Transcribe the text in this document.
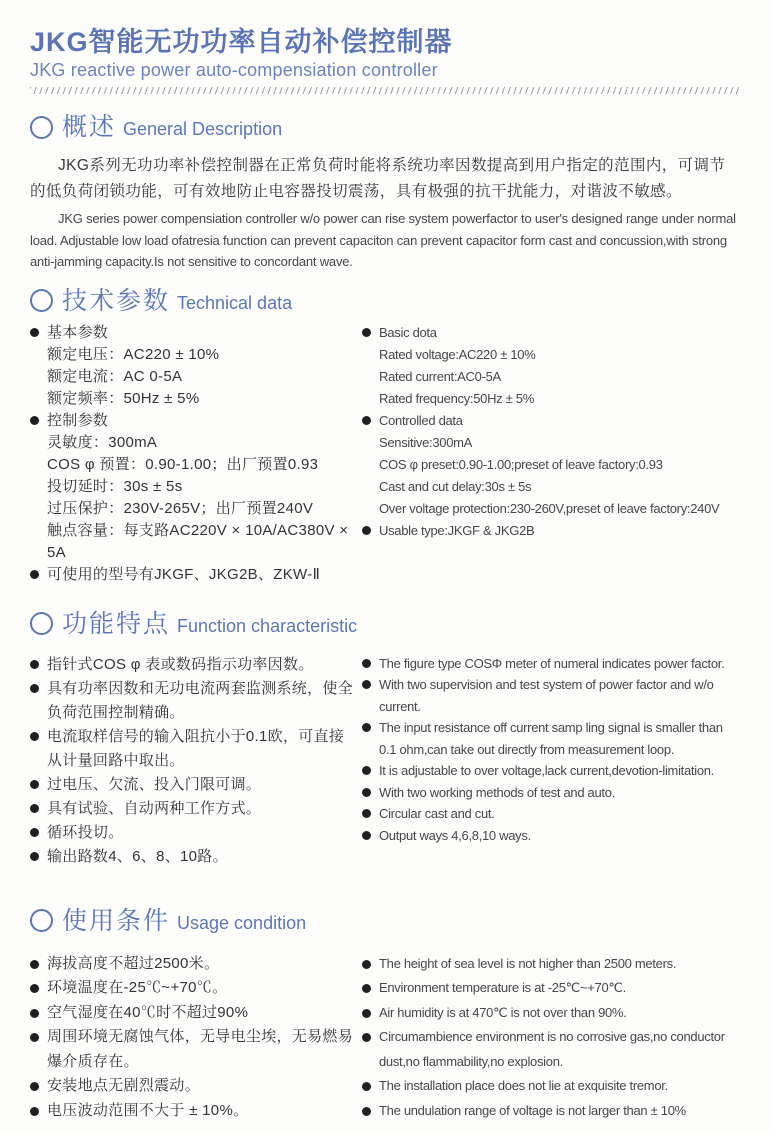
JKG智能无功功率自动补偿控制器
JKG reactive power auto-compensiation controller
概述 General Description

JKG系列无功功率补偿控制器在正常负荷时能将系统功率因数提高到用户指定的范围内，可调节的低负荷闭锁功能，可有效地防止电容器投切震荡，具有极强的抗干扰能力，对谐波不敏感。

JKG series power compensiation controller w/o power can rise system powerfactor to user's designed range under normal load. Adjustable low load ofatresia function can prevent capaciton can prevent capacitor form cast and concussion,with strong anti-jamming capacity.Is not sensitive to concordant wave.

技术参数 Technical data
基本参数
额定电压：AC220 ± 10%
额定电流：AC 0-5A
额定频率：50Hz ± 5%
控制参数
灵敏度：300mA
COS φ 预置：0.90-1.00；出厂预置0.93
投切延时：30s ± 5s
过压保护：230V-265V；出厂预置240V
触点容量：每支路AC220V × 10A/AC380V × 5A
可使用的型号有JKGF、JKG2B、ZKW-Ⅱ
Basic dota
Rated voltage:AC220 ± 10%
Rated current:AC0-5A
Rated frequency:50Hz ± 5%
Controlled data
Sensitive:300mA
COS φ preset:0.90-1.00;preset of leave factory:0.93
Cast and cut delay:30s ± 5s
Over voltage protection:230-260V,preset of leave factory:240V
Usable type:JKGF & JKG2B
功能特点 Function characteristic
指针式COS φ 表或数码指示功率因数。
具有功率因数和无功电流两套监测系统，使全负荷范围控制精确。
电流取样信号的输入阻抗小于0.1欧，可直接从计量回路中取出。
过电压、欠流、投入门限可调。
具有试验、自动两种工作方式。
循环投切。
输出路数4、6、8、10路。
The figure type COSΦ meter of numeral indicates power factor.
With two supervision and test system of power factor and w/o current.
The input resistance off current samp ling signal is smaller than 0.1 ohm,can take out directly from measurement loop.
It is adjustable to over voltage,lack current,devotion-limitation.
With two working methods of test and auto.
Circular cast and cut.
Output ways 4,6,8,10 ways.
使用条件 Usage condition
海拔高度不超过2500米。
环境温度在-25℃~+70℃。
空气湿度在40℃时不超过90%
周围环境无腐蚀气体，无导电尘埃，无易燃易爆介质存在。
安装地点无剧烈震动。
电压波动范围不大于 ± 10%。
The height of sea level is not higher than 2500 meters.
Environment temperature is at -25℃~+70℃.
Air humidity is at 470℃ is not over than 90%.
Circumambience environment is no corrosive gas,no conductor dust,no flammability,no explosion.
The installation place does not lie at exquisite tremor.
The undulation range of voltage is not larger than ± 10%
